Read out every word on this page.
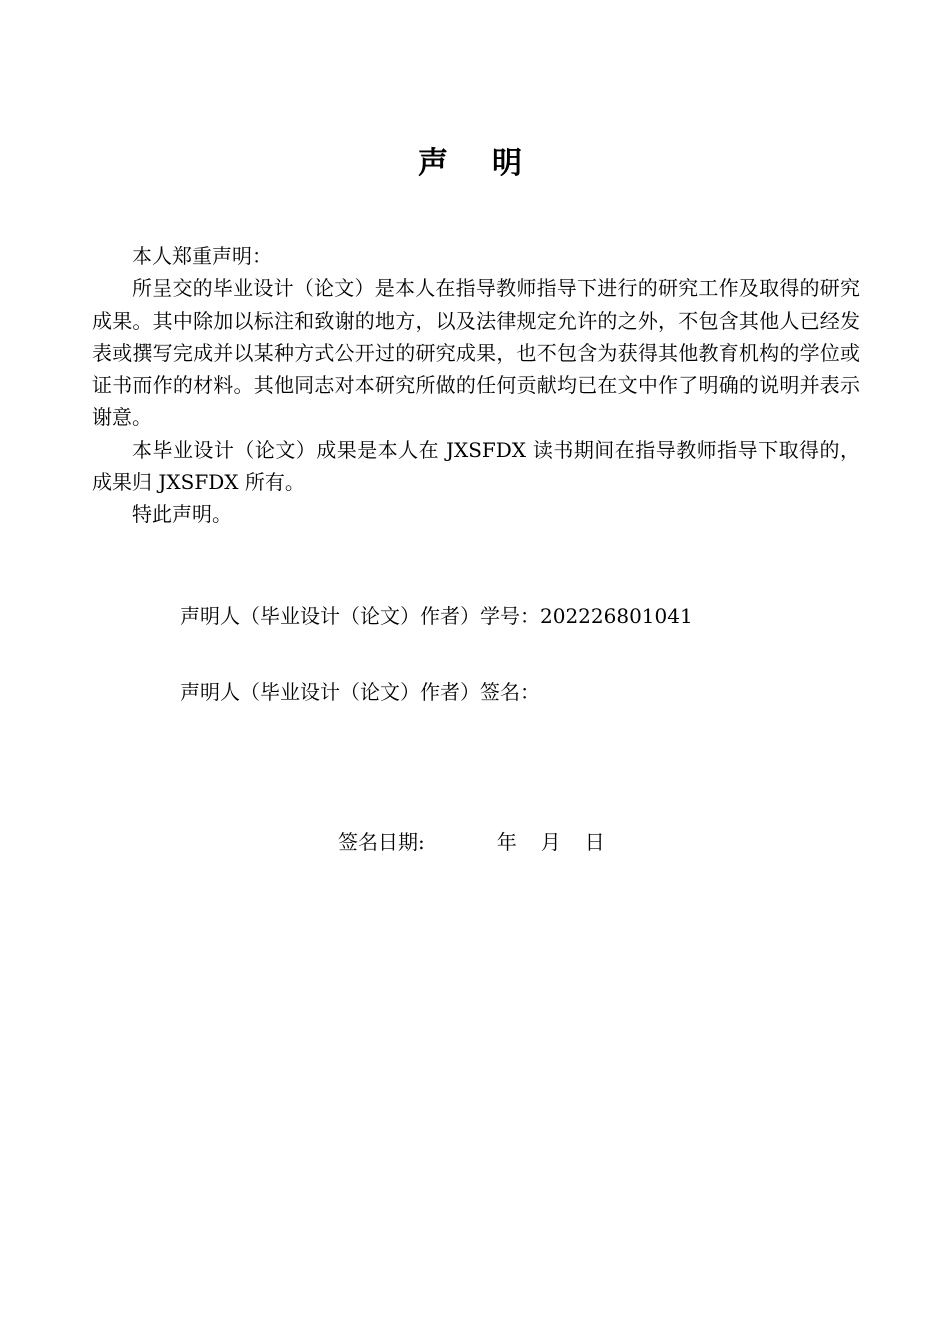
声明

本人郑重声明：

所呈交的毕业设计（论文）是本人在指导教师指导下进行的研究工作及取得的研究成果。其中除加以标注和致谢的地方，以及法律规定允许的之外，不包含其他人已经发表或撰写完成并以某种方式公开过的研究成果，也不包含为获得其他教育机构的学位或证书而作的材料。其他同志对本研究所做的任何贡献均已在文中作了明确的说明并表示谢意。

本毕业设计（论文）成果是本人在 JXSFDX 读书期间在指导教师指导下取得的，成果归 JXSFDX 所有。

特此声明。

声明人（毕业设计（论文）作者）学号：202226801041
声明人（毕业设计（论文）作者）签名：
签名日期:	年 月 日
